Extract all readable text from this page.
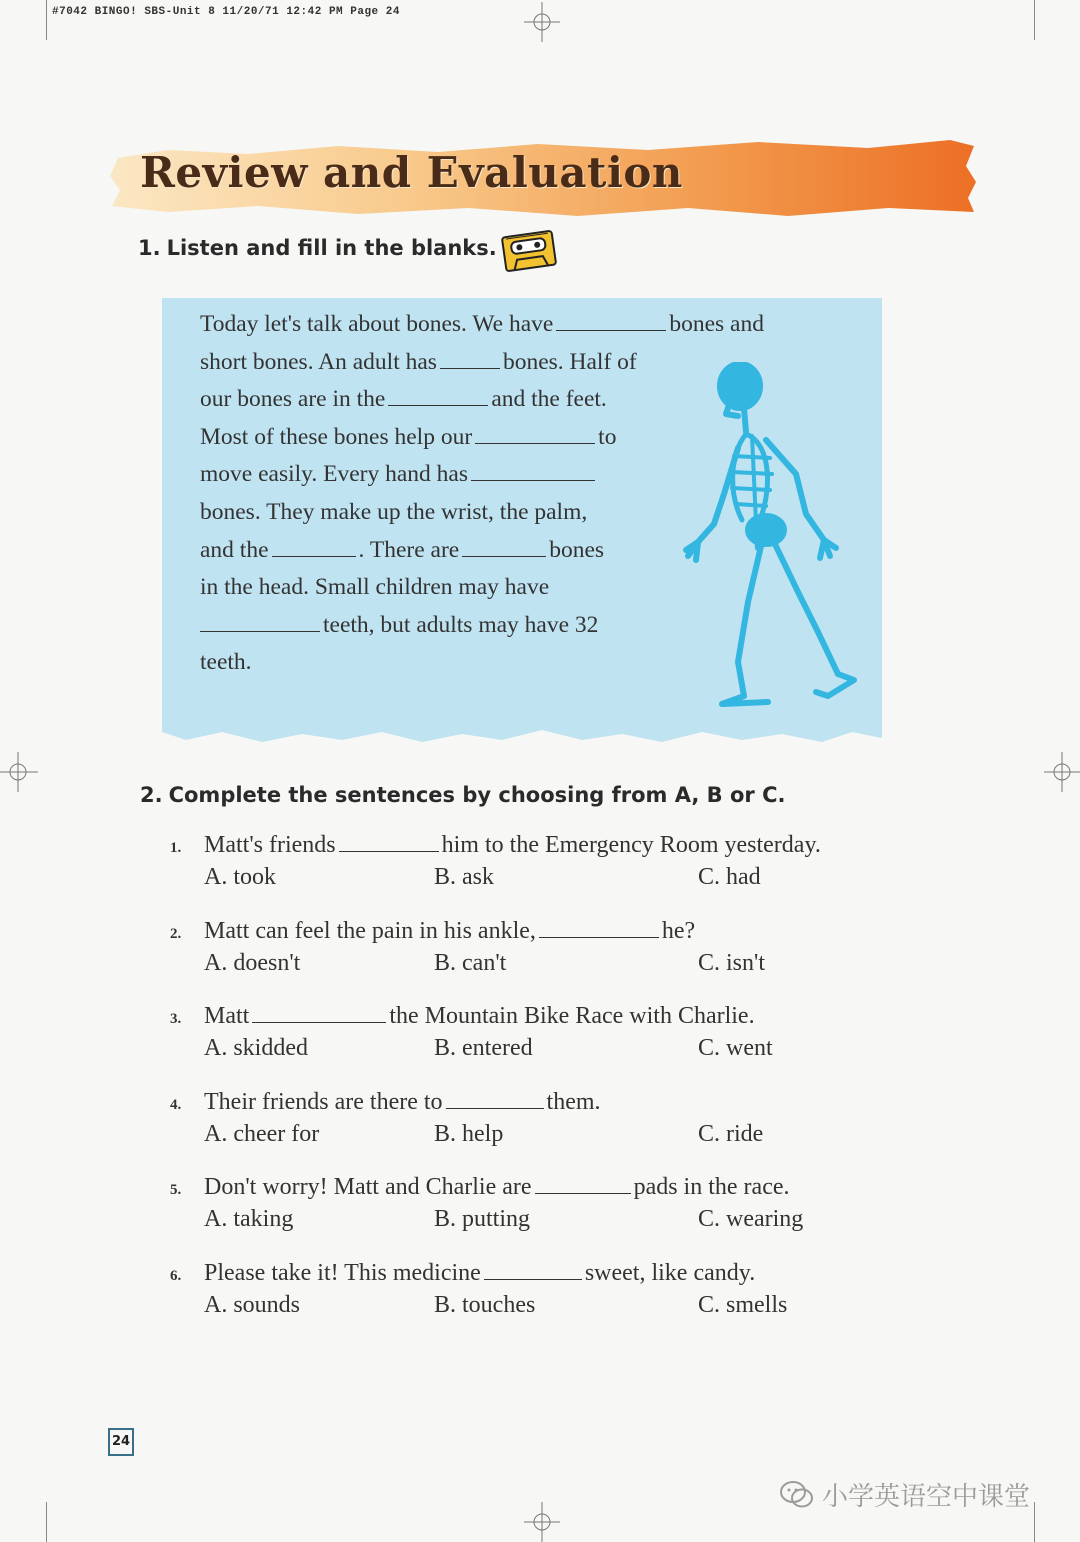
#7042 BINGO! SBS-Unit 8 11/20/71 12:42 PM Page 24
Review and Evaluation
1. Listen and fill in the blanks.
Today let's talk about bones. We have	bones and
short bones. An adult has	bones. Half of
our bones are in the	and the feet.
Most of these bones help our	to
move easily. Every hand has
bones. They make up the wrist, the palm,
and the	. There are	bones
in the head. Small children may have
teeth, but adults may have 32
teeth.
2. Complete the sentences by choosing from A, B or C.
1. Matt's friends	him to the Emergency Room yesterday.
A. took	B. ask	C. had
2. Matt can feel the pain in his ankle,	he?
A. doesn't	B. can't	C. isn't
3. Matt	the Mountain Bike Race with Charlie.
A. skidded	B. entered	C. went
4. Their friends are there to	them.
A. cheer for	B. help	C. ride
5. Don't worry! Matt and Charlie are	pads in the race.
A. taking	B. putting	C. wearing
6. Please take it! This medicine	sweet, like candy.
A. sounds	B. touches	C. smells
24
小学英语空中课堂
